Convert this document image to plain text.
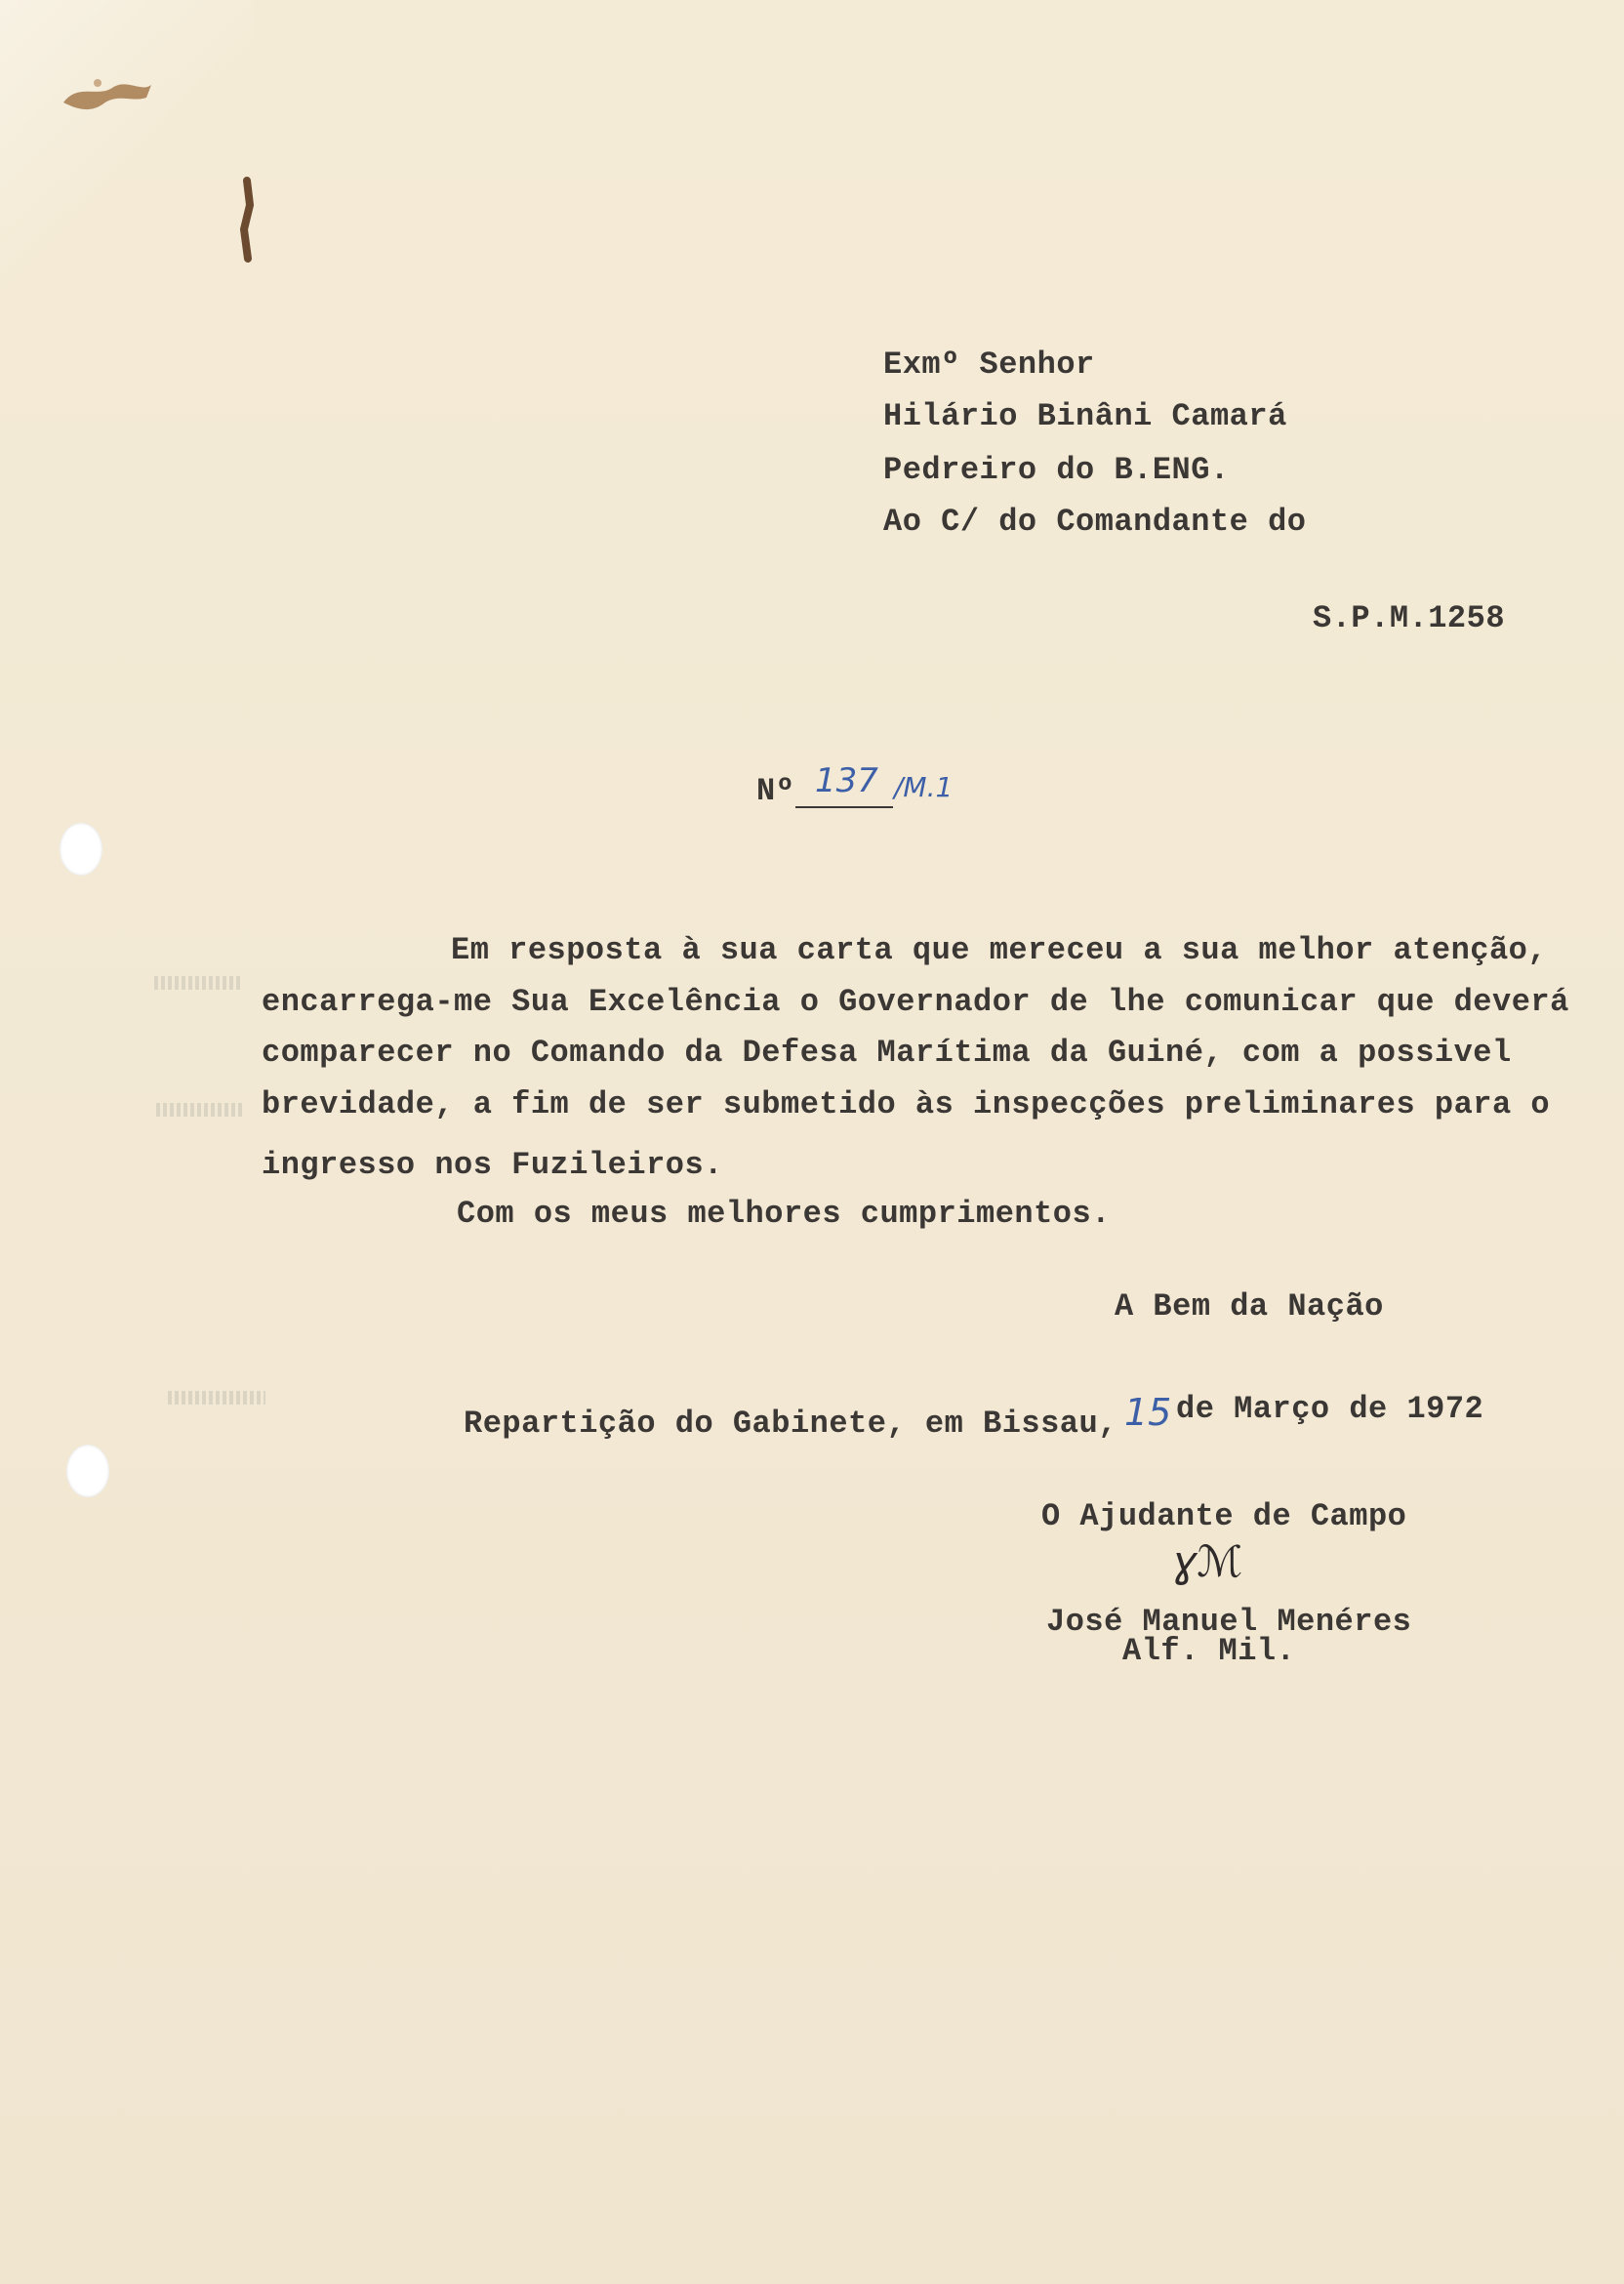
Exmº Senhor
Hilário Binâni Camará
Pedreiro do B.ENG.
Ao C/ do Comandante do
S.P.M.1258
Nº 137 /M.1
Em resposta à sua carta que mereceu a sua melhor atenção,
encarrega-me Sua Excelência o Governador de lhe comunicar que deverá
comparecer no Comando da Defesa Marítima da Guiné, com a possivel
brevidade, a fim de ser submetido às inspecções preliminares para o
ingresso nos Fuzileiros.
Com os meus melhores cumprimentos.
A Bem da Nação
Repartição do Gabinete, em Bissau, 15 de Março de 1972
O Ajudante de Campo
ɣℳ
José Manuel Menéres
Alf. Mil.
